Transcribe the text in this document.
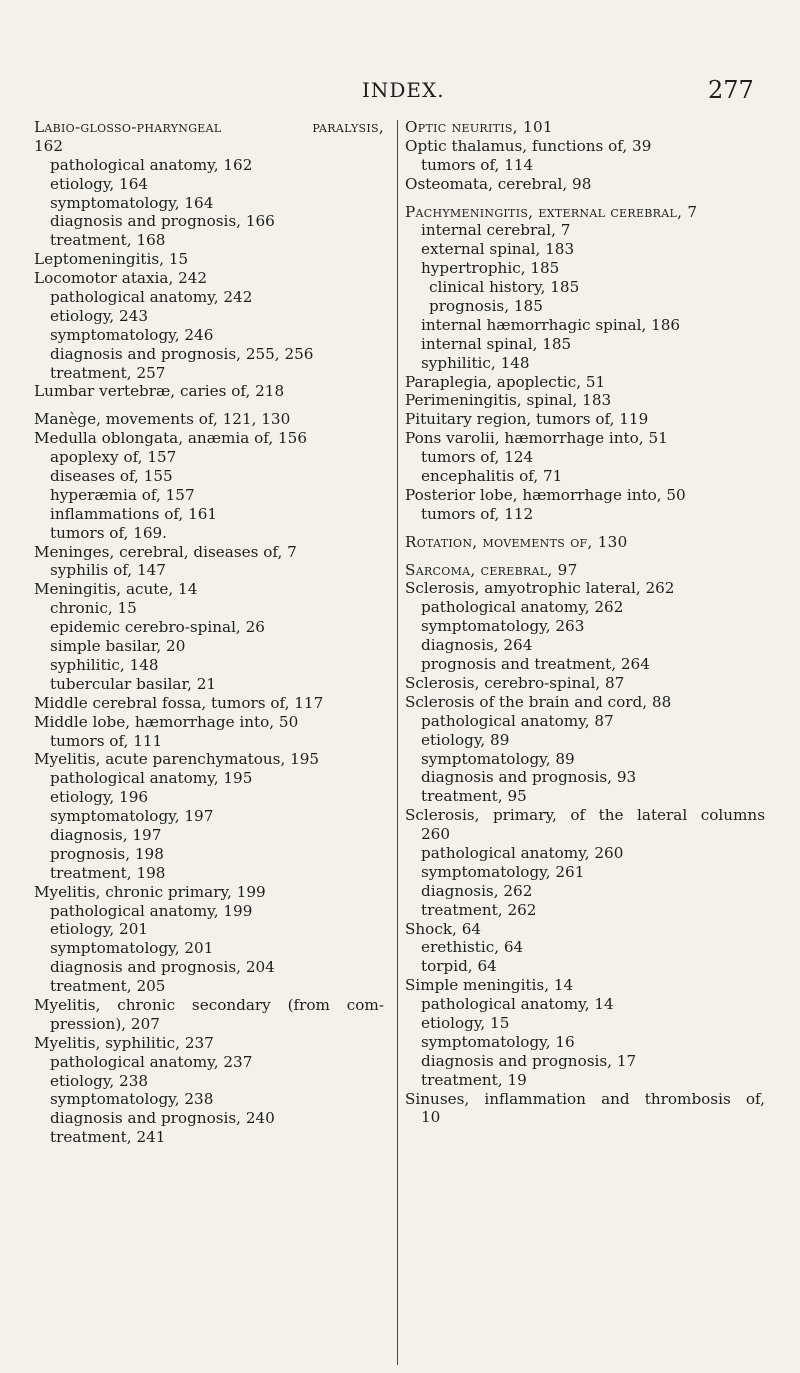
INDEX.	277
Labio-glosso-pharyngeal	paralysis,
162
pathological anatomy, 162
etiology, 164
symptomatology, 164
diagnosis and prognosis, 166
treatment, 168
Leptomeningitis, 15
Locomotor ataxia, 242
pathological anatomy, 242
etiology, 243
symptomatology, 246
diagnosis and prognosis, 255, 256
treatment, 257
Lumbar vertebræ, caries of, 218
Manège, movements of, 121, 130
Medulla oblongata, anæmia of, 156
apoplexy of, 157
diseases of, 155
hyperæmia of, 157
inflammations of, 161
tumors of, 169.
Meninges, cerebral, diseases of, 7
syphilis of, 147
Meningitis, acute, 14
chronic, 15
epidemic cerebro-spinal, 26
simple basilar, 20
syphilitic, 148
tubercular basilar, 21
Middle cerebral fossa, tumors of, 117
Middle lobe, hæmorrhage into, 50
tumors of, 111
Myelitis, acute parenchymatous, 195
pathological anatomy, 195
etiology, 196
symptomatology, 197
diagnosis, 197
prognosis, 198
treatment, 198
Myelitis, chronic primary, 199
pathological anatomy, 199
etiology, 201
symptomatology, 201
diagnosis and prognosis, 204
treatment, 205
Myelitis, chronic secondary (from com-
pression), 207
Myelitis, syphilitic, 237
pathological anatomy, 237
etiology, 238
symptomatology, 238
diagnosis and prognosis, 240
treatment, 241
Optic neuritis, 101
Optic thalamus, functions of, 39
tumors of, 114
Osteomata, cerebral, 98
Pachymeningitis, external cerebral, 7
internal cerebral, 7
external spinal, 183
hypertrophic, 185
clinical history, 185
prognosis, 185
internal hæmorrhagic spinal, 186
internal spinal, 185
syphilitic, 148
Paraplegia, apoplectic, 51
Perimeningitis, spinal, 183
Pituitary region, tumors of, 119
Pons varolii, hæmorrhage into, 51
tumors of, 124
encephalitis of, 71
Posterior lobe, hæmorrhage into, 50
tumors of, 112
Rotation, movements of, 130
Sarcoma, cerebral, 97
Sclerosis, amyotrophic lateral, 262
pathological anatomy, 262
symptomatology, 263
diagnosis, 264
prognosis and treatment, 264
Sclerosis, cerebro-spinal, 87
Sclerosis of the brain and cord, 88
pathological anatomy, 87
etiology, 89
symptomatology, 89
diagnosis and prognosis, 93
treatment, 95
Sclerosis, primary, of the lateral columns
260
pathological anatomy, 260
symptomatology, 261
diagnosis, 262
treatment, 262
Shock, 64
erethistic, 64
torpid, 64
Simple meningitis, 14
pathological anatomy, 14
etiology, 15
symptomatology, 16
diagnosis and prognosis, 17
treatment, 19
Sinuses, inflammation and thrombosis of,
10
